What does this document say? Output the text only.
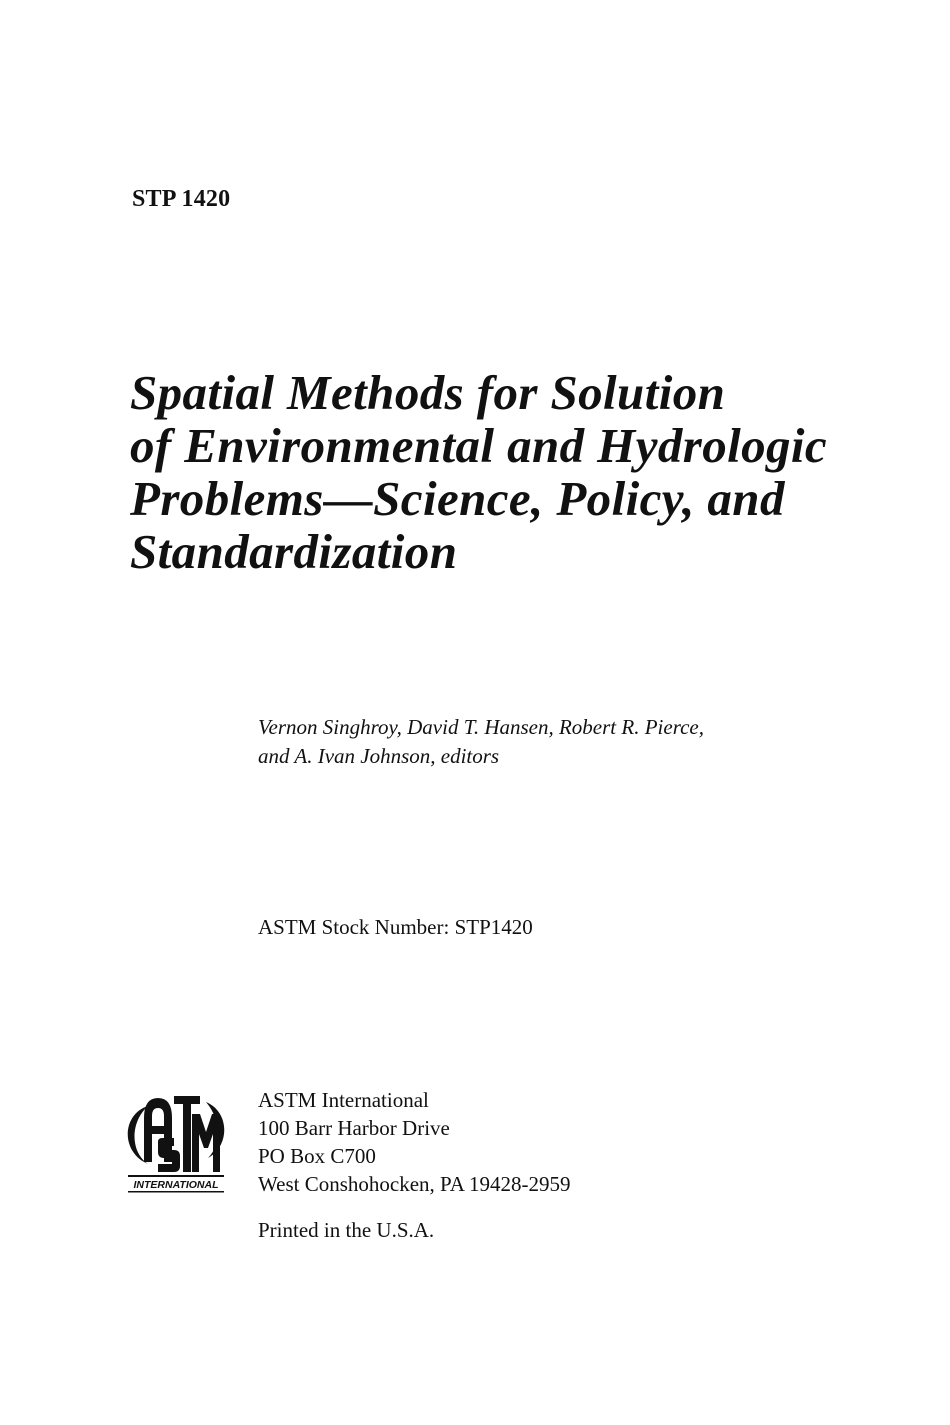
STP 1420
Spatial Methods for Solution
of Environmental and Hydrologic
Problems—Science, Policy, and
Standardization
Vernon Singhroy, David T. Hansen, Robert R. Pierce,
and A. Ivan Johnson, editors
ASTM Stock Number: STP1420
INTERNATIONAL
ASTM International
100 Barr Harbor Drive
PO Box C700
West Conshohocken, PA 19428-2959
Printed in the U.S.A.
